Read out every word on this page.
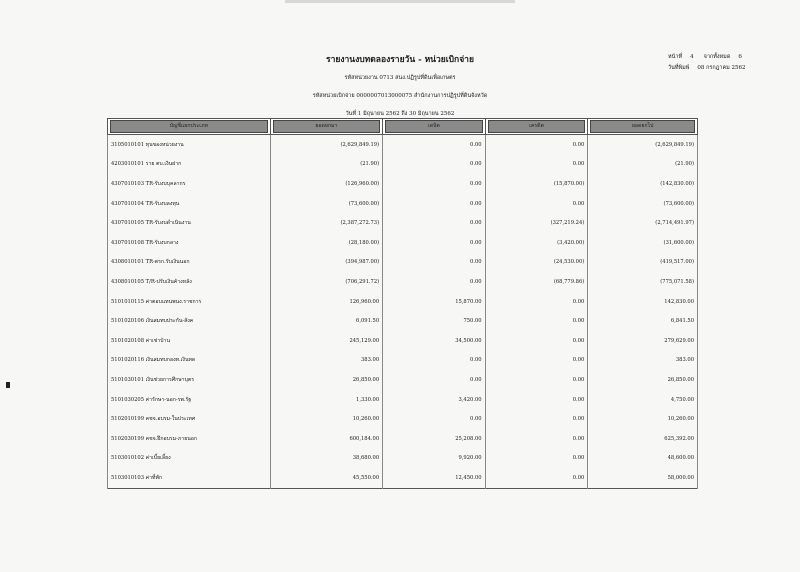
รายงานงบทดลองรายวัน - หน่วยเบิกจ่าย
รหัสหน่วยงาน 0713 สนง.ปฏิรูปที่ดินเพื่อเกษตร
รหัสหน่วยเบิกจ่าย 0000007013000075 สำนักงานการปฏิรูปที่ดินจังหวัด
วันที่ 1 มิถุนายน 2562 ถึง 30 มิถุนายน 2562
หน้าที่ 4 จากทั้งหมด 6
วันที่พิมพ์ 08 กรกฎาคม 2562
บัญชีแยกประเภท	ยอดยกมา	เดบิต	เครดิต	ยอดยกไป

3105010101 ทุนของหน่วยงาน	(2,629,849.19)	0.00	0.00	(2,629,849.19)
4203010101 ราย ตบ.เงินฝาก	(21.90)	0.00	0.00	(21.90)
4307010103 TR-รับงบบุคลากร	(126,960.00)	0.00	(15,870.00)	(142,830.00)
4307010104 TR-รับงบลงทุน	(73,600.00)	0.00	0.00	(73,600.00)
4307010105 TR-รับงบดำเนินงาน	(2,387,272.73)	0.00	(327,219.24)	(2,714,491.97)
4307010108 TR-รับงบกลาง	(28,180.00)	0.00	(3,420.00)	(31,600.00)
4308010101 TR-ตรก.รับเงินนอก	(394,987.00)	0.00	(24,530.00)	(419,517.00)
4308010105 T/R-ปรับเงินค้างหลัง	(706,291.72)	0.00	(68,779.86)	(775,071.58)
5101010115 ค่าตอบแทนพนง.ราชการ	126,960.00	15,870.00	0.00	142,830.00
5101020106 เงินสมทบประกัน-สังค	6,091.50	750.00	0.00	6,841.50
5101020108 ค่าเช่าบ้าน	245,129.00	34,500.00	0.00	279,629.00
5101020116 เงินสมทบกองท.เงินทด	383.00	0.00	0.00	383.00
5101030101 เงินช่วยการศึกษาบุตร	26,850.00	0.00	0.00	26,850.00
5101030205 ค่ารักษา-นอก-รพ.รัฐ	1,330.00	3,420.00	0.00	4,750.00
5102010199 คชจ.อบรม-ในประเทศ	10,260.00	0.00	0.00	10,260.00
5102030199 คชจ.ฝึกอบรม-ภายนอก	600,184.00	25,208.00	0.00	625,392.00
5103010102 ค่าเบี้ยเลี้ยง	38,680.00	9,920.00	0.00	48,600.00
5103010103 ค่าที่พัก	45,550.00	12,450.00	0.00	58,000.00
